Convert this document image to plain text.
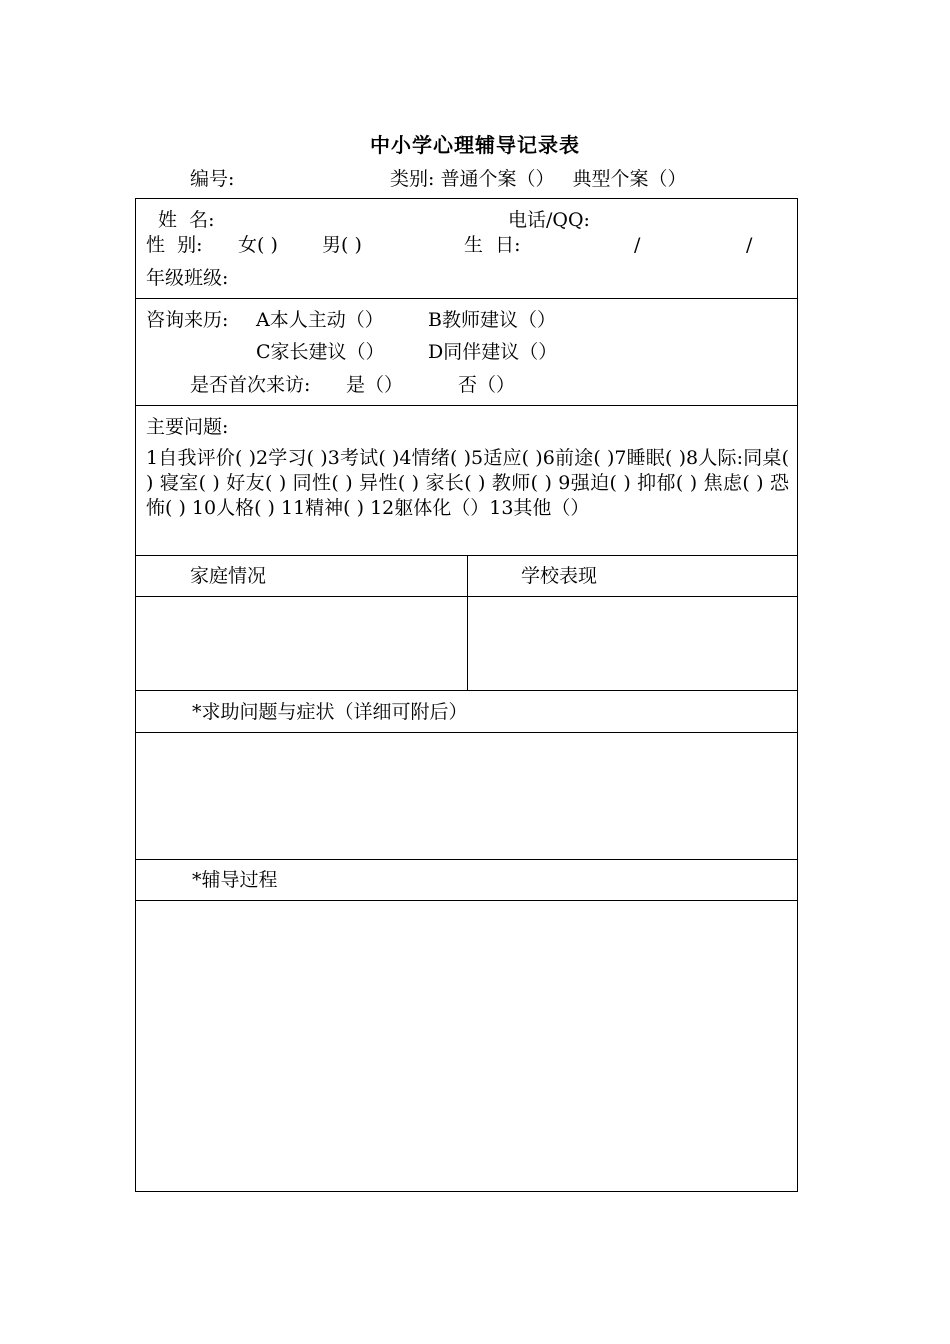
中小学心理辅导记录表
编号:	类别: 普通个案（）   典型个案（）
姓  名:	电话/QQ:
性  别: 女( ) 男( )	生  日:	/	/
年级班级:
咨询来历: A本人主动（） B教师建议（）
C家长建议（） D同伴建议（）
是否首次来访: 是（）	否（）
主要问题:
1自我评价( )2学习( )3考试( )4情绪( )5适应( )6前途( )7睡眠( )8人际:同桌( ) 寝室( ) 好友( ) 同性( ) 异性( ) 家长( ) 教师( ) 9强迫( ) 抑郁( ) 焦虑( ) 恐怖( ) 10人格( ) 11精神( ) 12躯体化（）13其他（）
家庭情况	学校表现
*求助问题与症状（详细可附后）
*辅导过程
